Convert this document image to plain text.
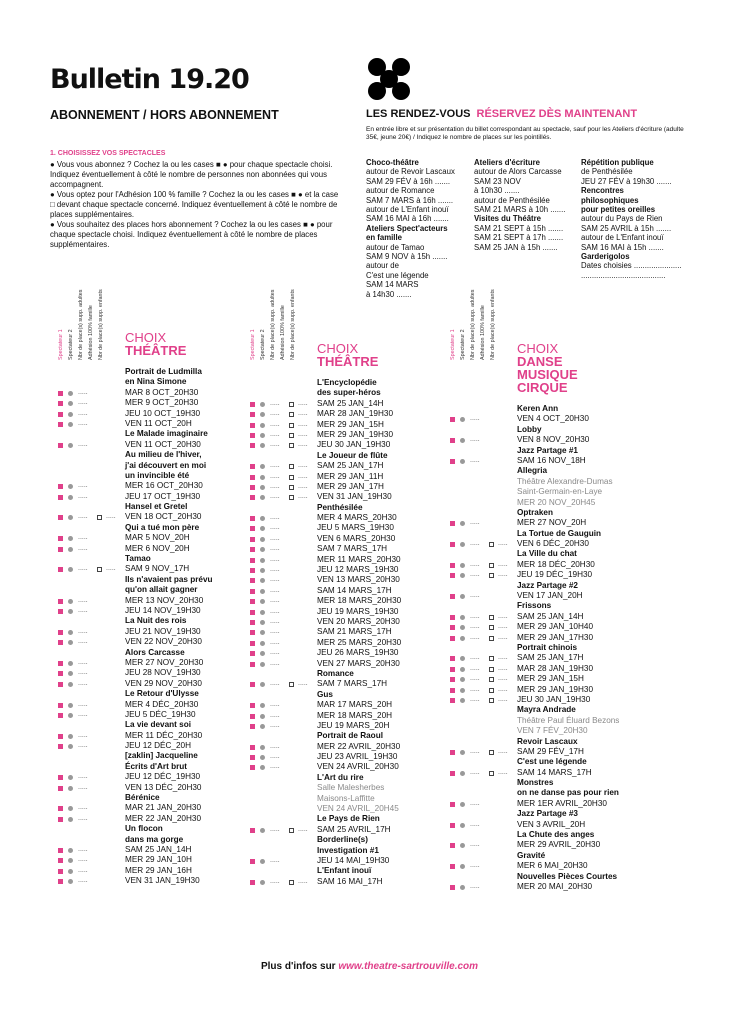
Bulletin 19.20
ABONNEMENT / HORS ABONNEMENT	LES RENDEZ-VOUS RÉSERVEZ DÈS MAINTENANT
En entrée libre et sur présentation du billet correspondant au spectacle, sauf pour les Ateliers d'écriture (adulte 35€, jeune 20€) / Indiquez le nombre de places sur les pointillés.
1. CHOISISSEZ VOS SPECTACLES
● Vous vous abonnez ? Cochez la ou les cases ■ ● pour chaque spectacle choisi. Indiquez éventuellement à côté le nombre de personnes non abonnées qui vous accompagnent.
● Vous optez pour l'Adhésion 100 % famille ? Cochez la ou les cases ■ ● et la case □ devant chaque spectacle concerné. Indiquez éventuellement à côté le nombre de places supplémentaires.
● Vous souhaitez des places hors abonnement ? Cochez la ou les cases ■ ● pour chaque spectacle choisi. Indiquez éventuellement à côté le nombre de places supplémentaires.
Choco-théâtre
autour de Revoir Lascaux
SAM 29 FÉV à 16h .......
autour de Romance
SAM 7 MARS à 16h .......
autour de L'Enfant inouï
SAM 16 MAI à 16h .......
Ateliers Spect'acteurs
en famille
autour de Tamao
SAM 9 NOV à 15h .......
autour de
C'est une légende
SAM 14 MARS
à 14h30 .......
Ateliers d'écriture
autour de Alors Carcasse
SAM 23 NOV
à 10h30 .......
autour de Penthésilée
SAM 21 MARS à 10h .......
Visites du Théâtre
SAM 21 SEPT à 15h .......
SAM 21 SEPT à 17h .......
SAM 25 JAN à 15h .......
Répétition publique
de Penthésilée
JEU 27 FÉV à 19h30 .......
Rencontres
philosophiques
pour petites oreilles
autour du Pays de Rien
SAM 25 AVRIL à 15h .......
autour de L'Enfant inouï
SAM 16 MAI à 15h .......
Garderigolos
Dates choisies ......................
.......................................
Spectateur 1 Spectateur 2 Nbr de place(s) supp. adultes Adhésion 100% famille Nbr de place(s) supp. enfants CHOIX
THÉÂTRE
Portrait de Ludmilla
en Nina Simone
.....	MAR 8 OCT_20H30
.....	MER 9 OCT_20H30
.....	JEU 10 OCT_19H30
.....	VEN 11 OCT_20H
Le Malade imaginaire
.....	VEN 11 OCT_20H30
Au milieu de l'hiver,
j'ai découvert en moi
un invincible été
.....	MER 16 OCT_20H30
.....	JEU 17 OCT_19H30
Hansel et Gretel
.....	..... VEN 18 OCT_20H30
Qui a tué mon père
.....	MAR 5 NOV_20H
.....	MER 6 NOV_20H
Tamao
.....	..... SAM 9 NOV_17H
Ils n'avaient pas prévu
qu'on allait gagner
.....	MER 13 NOV_20H30
.....	JEU 14 NOV_19H30
La Nuit des rois
.....	JEU 21 NOV_19H30
.....	VEN 22 NOV_20H30
Alors Carcasse
.....	MER 27 NOV_20H30
.....	JEU 28 NOV_19H30
.....	VEN 29 NOV_20H30
Le Retour d'Ulysse
.....	MER 4 DÉC_20H30
.....	JEU 5 DÉC_19H30
La vie devant soi
.....	MER 11 DÉC_20H30
.....	JEU 12 DÉC_20H
[zaklin] Jacqueline
Écrits d'Art brut
.....	JEU 12 DÉC_19H30
.....	VEN 13 DÉC_20H30
Bérénice
.....	MAR 21 JAN_20H30
.....	MER 22 JAN_20H30
Un flocon
dans ma gorge
.....	SAM 25 JAN_14H
.....	MER 29 JAN_10H
.....	MER 29 JAN_16H
.....	VEN 31 JAN_19H30
Spectateur 1 Spectateur 2 Nbr de place(s) supp. adultes Adhésion 100% famille Nbr de place(s) supp. enfants CHOIX
THÉÂTRE
L'Encyclopédie
des super-héros
.....	..... SAM 25 JAN_14H
.....	..... MAR 28 JAN_19H30
.....	..... MER 29 JAN_15H
.....	..... MER 29 JAN_19H30
.....	..... JEU 30 JAN_19H30
Le Joueur de flûte
.....	..... SAM 25 JAN_17H
.....	..... MER 29 JAN_11H
.....	..... MER 29 JAN_17H
.....	..... VEN 31 JAN_19H30
Penthésilée
.....	MER 4 MARS_20H30
.....	JEU 5 MARS_19H30
.....	VEN 6 MARS_20H30
.....	SAM 7 MARS_17H
.....	MER 11 MARS_20H30
.....	JEU 12 MARS_19H30
.....	VEN 13 MARS_20H30
.....	SAM 14 MARS_17H
.....	MER 18 MARS_20H30
.....	JEU 19 MARS_19H30
.....	VEN 20 MARS_20H30
.....	SAM 21 MARS_17H
.....	MER 25 MARS_20H30
.....	JEU 26 MARS_19H30
.....	VEN 27 MARS_20H30
Romance
.....	..... SAM 7 MARS_17H
Gus
.....	MAR 17 MARS_20H
.....	MER 18 MARS_20H
.....	JEU 19 MARS_20H
Portrait de Raoul
.....	MER 22 AVRIL_20H30
.....	JEU 23 AVRIL_19H30
.....	VEN 24 AVRIL_20H30
L'Art du rire
Salle Malesherbes
Maisons-Laffitte
VEN 24 AVRIL_20H45
Le Pays de Rien
.....	..... SAM 25 AVRIL_17H
Borderline(s)
Investigation #1
.....	JEU 14 MAI_19H30
L'Enfant inouï
.....	..... SAM 16 MAI_17H
Spectateur 1 Spectateur 2 Nbr de place(s) supp. adultes Adhésion 100% famille Nbr de place(s) supp. enfants CHOIX
DANSE
MUSIQUE
CIRQUE
Keren Ann
.....	VEN 4 OCT_20H30
Lobby
.....	VEN 8 NOV_20H30
Jazz Partage #1
.....	SAM 16 NOV_18H
Allegria
Théâtre Alexandre-Dumas
Saint-Germain-en-Laye
MER 20 NOV_20H45
Optraken
.....	MER 27 NOV_20H
La Tortue de Gauguin
.....	..... VEN 6 DÉC_20H30
La Ville du chat
.....	..... MER 18 DÉC_20H30
.....	..... JEU 19 DÉC_19H30
Jazz Partage #2
.....	VEN 17 JAN_20H
Frissons
.....	..... SAM 25 JAN_14H
.....	..... MER 29 JAN_10H40
.....	..... MER 29 JAN_17H30
Portrait chinois
.....	..... SAM 25 JAN_17H
.....	..... MAR 28 JAN_19H30
.....	..... MER 29 JAN_15H
.....	..... MER 29 JAN_19H30
.....	..... JEU 30 JAN_19H30
Mayra Andrade
Théâtre Paul Éluard Bezons
VEN 7 FÉV_20H30
Revoir Lascaux
.....	..... SAM 29 FÉV_17H
C'est une légende
.....	..... SAM 14 MARS_17H
Monstres
on ne danse pas pour rien
.....	MER 1ER AVRIL_20H30
Jazz Partage #3
.....	VEN 3 AVRIL_20H
La Chute des anges
.....	MER 29 AVRIL_20H30
Gravité
.....	MER 6 MAI_20H30
Nouvelles Pièces Courtes
.....	MER 20 MAI_20H30
Plus d'infos sur www.theatre-sartrouville.com
